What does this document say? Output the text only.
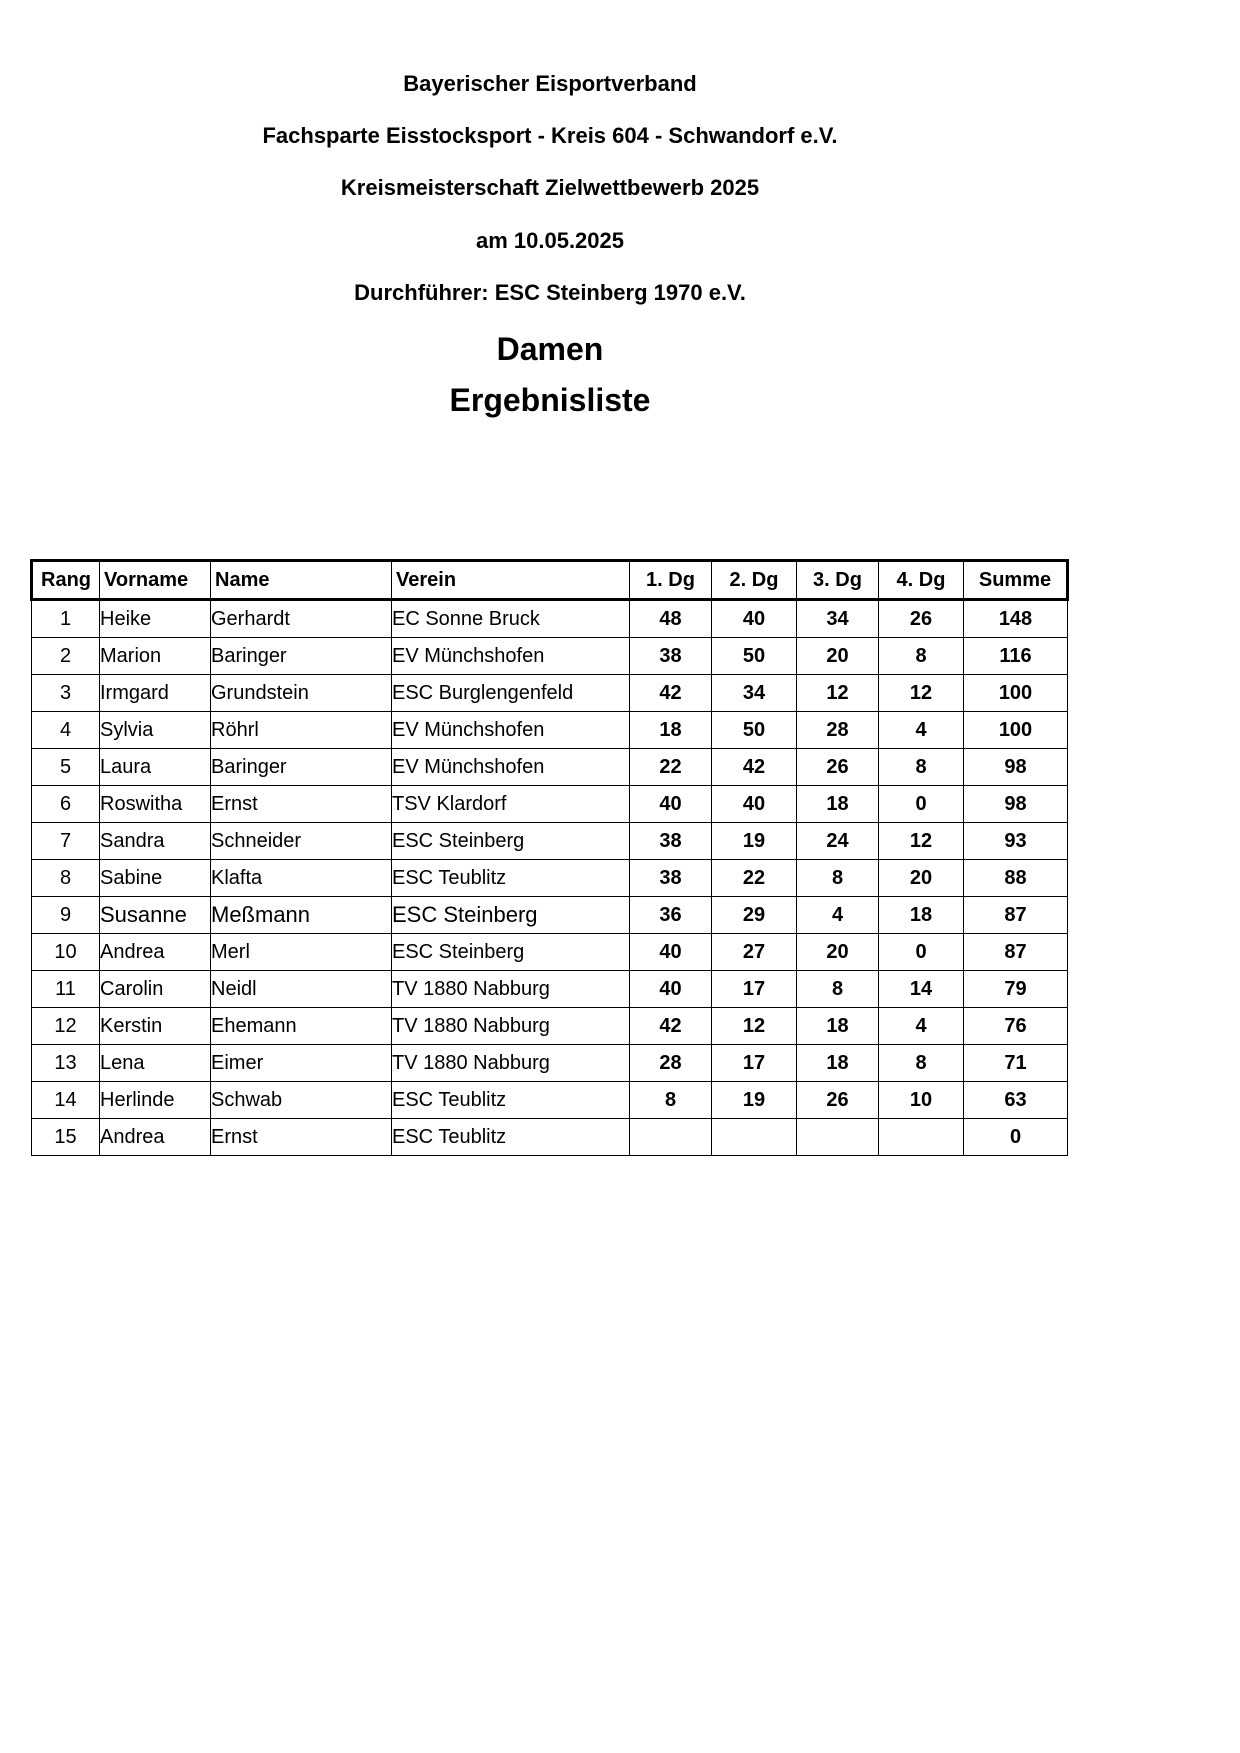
Bayerischer Eisportverband
Fachsparte Eisstocksport - Kreis 604 - Schwandorf e.V.
Kreismeisterschaft Zielwettbewerb 2025
am 10.05.2025
Durchführer: ESC Steinberg 1970 e.V.
Damen
Ergebnisliste
Rang	Vorname	Name	Verein	1. Dg	2. Dg	3. Dg	4. Dg	Summe
1	Heike	Gerhardt	EC Sonne Bruck	48	40	34	26	148
2	Marion	Baringer	EV Münchshofen	38	50	20	8	116
3	Irmgard	Grundstein	ESC Burglengenfeld	42	34	12	12	100
4	Sylvia	Röhrl	EV Münchshofen	18	50	28	4	100
5	Laura	Baringer	EV Münchshofen	22	42	26	8	98
6	Roswitha	Ernst	TSV Klardorf	40	40	18	0	98
7	Sandra	Schneider	ESC Steinberg	38	19	24	12	93
8	Sabine	Klafta	ESC Teublitz	38	22	8	20	88
9	Susanne	Meßmann	ESC Steinberg	36	29	4	18	87
10	Andrea	Merl	ESC Steinberg	40	27	20	0	87
11	Carolin	Neidl	TV 1880 Nabburg	40	17	8	14	79
12	Kerstin	Ehemann	TV 1880 Nabburg	42	12	18	4	76
13	Lena	Eimer	TV 1880 Nabburg	28	17	18	8	71
14	Herlinde	Schwab	ESC Teublitz	8	19	26	10	63
15	Andrea	Ernst	ESC Teublitz					0
